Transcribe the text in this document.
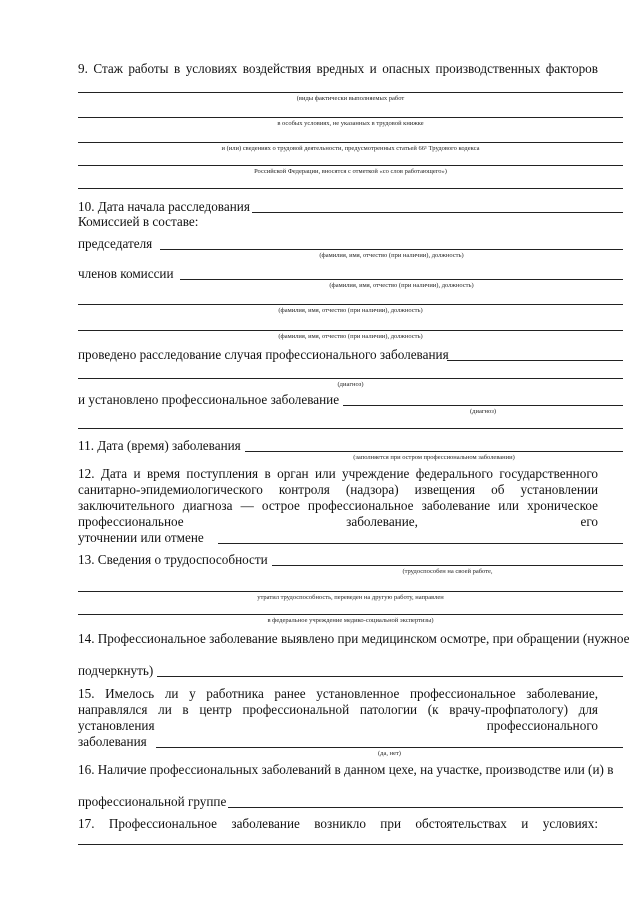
9. Стаж работы в условиях воздействия вредных и опасных производственных факторов
(виды фактически выполняемых работ
в особых условиях, не указанных в трудовой книжке
и (или) сведениях о трудовой деятельности, предусмотренных статьей 66¹ Трудового кодекса
Российской Федерации, вносятся с отметкой «со слов работающего»)
10. Дата начала расследования
Комиссией в составе:
председателя
(фамилия, имя, отчество (при наличии), должность)
членов комиссии
(фамилия, имя, отчество (при наличии), должность)
(фамилия, имя, отчество (при наличии), должность)
(фамилия, имя, отчество (при наличии), должность)
проведено расследование случая профессионального заболевания
(диагноз)
и установлено профессиональное заболевание
(диагноз)
11. Дата (время) заболевания
(заполняется при остром профессиональном заболевании)
12. Дата и время поступления в орган или учреждение федерального государственного
санитарно-эпидемиологического контроля (надзора) извещения об установлении
заключительного диагноза — острое профессиональное заболевание или хроническое
профессиональное заболевание, его
уточнении или отмене
13. Сведения о трудоспособности
(трудоспособен на своей работе,
утратил трудоспособность, переведен на другую работу, направлен
в федеральное учреждение медико-социальной экспертизы)
14. Профессиональное заболевание выявлено при медицинском осмотре, при обращении (нужное
подчеркнуть)
15. Имелось ли у работника ранее установленное профессиональное заболевание,
направлялся ли в центр профессиональной патологии (к врачу-профпатологу) для
установления профессионального
заболевания
(да, нет)
16. Наличие профессиональных заболеваний в данном цехе, на участке, производстве или (и) в
профессиональной группе
17. Профессиональное заболевание возникло при обстоятельствах и условиях:
